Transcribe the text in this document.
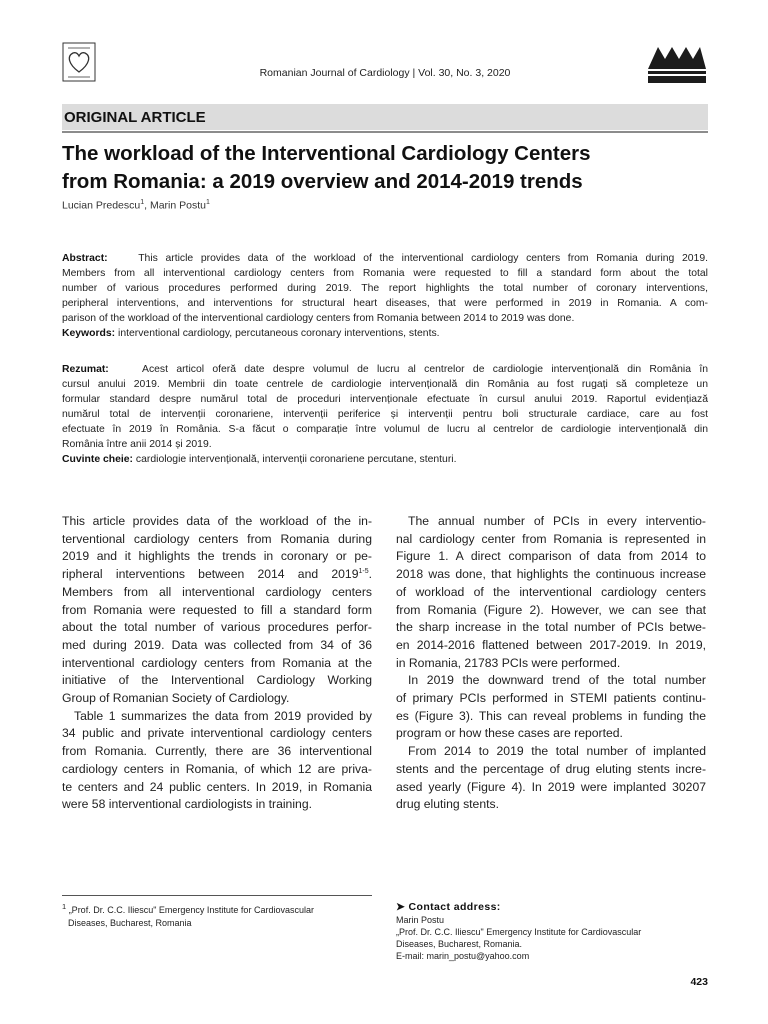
Romanian Journal of Cardiology | Vol. 30, No. 3, 2020
ORIGINAL ARTICLE
The workload of the Interventional Cardiology Centers
from Romania: a 2019 overview and 2014-2019 trends
Lucian Predescu$^1$, Marin Postu$^1$
Abstract:	This article provides data of the workload of the interventional cardiology centers from Romania during 2019.
Members from all interventional cardiology centers from Romania were requested to fill a standard form about the total
number of various procedures performed during 2019. The report highlights the total number of coronary interventions,
peripheral interventions, and interventions for structural heart diseases, that were performed in 2019 in Romania. A com-
parison of the workload of the interventional cardiology centers from Romania between 2014 to 2019 was done.
Keywords: interventional cardiology, percutaneous coronary interventions, stents.
Rezumat:	Acest articol oferă date despre volumul de lucru al centrelor de cardiologie intervențională din România în
cursul anului 2019. Membrii din toate centrele de cardiologie intervențională din România au fost rugați să completeze un
formular standard despre numărul total de proceduri intervenționale efectuate în cursul anului 2019. Raportul evidențiază
numărul total de intervenții coronariene, intervenții periferice și intervenții pentru boli structurale cardiace, care au fost
efectuate în 2019 în România. S-a făcut o comparație între volumul de lucru al centrelor de cardiologie intervențională din
România între anii 2014 și 2019.
Cuvinte cheie: cardiologie intervențională, intervenții coronariene percutane, stenturi.
This article provides data of the workload of the in-
terventional cardiology centers from Romania during
2019 and it highlights the trends in coronary or pe-
ripheral interventions between 2014 and 2019$^{1-5}$.
Members from all interventional cardiology centers
from Romania were requested to fill a standard form
about the total number of various procedures perfor-
med during 2019. Data was collected from 34 of 36
interventional cardiology centers from Romania at the
initiative of the Interventional Cardiology Working
Group of Romanian Society of Cardiology.
Table 1 summarizes the data from 2019 provided by
34 public and private interventional cardiology centers
from Romania. Currently, there are 36 interventional
cardiology centers in Romania, of which 12 are priva-
te centers and 24 public centers. In 2019, in Romania
were 58 interventional cardiologists in training.
The annual number of PCIs in every interventio-
nal cardiology center from Romania is represented in
Figure 1. A direct comparison of data from 2014 to
2018 was done, that highlights the continuous increase
of workload of the interventional cardiology centers
from Romania (Figure 2). However, we can see that
the sharp increase in the total number of PCIs betwe-
en 2014-2016 flattened between 2017-2019. In 2019,
in Romania, 21783 PCIs were performed.
In 2019 the downward trend of the total number
of primary PCIs performed in STEMI patients continu-
es (Figure 3). This can reveal problems in funding the
program or how these cases are reported.
From 2014 to 2019 the total number of implanted
stents and the percentage of drug eluting stents incre-
ased yearly (Figure 4). In 2019 were implanted 30207
drug eluting stents.
$^1$ „Prof. Dr. C.C. Iliescu" Emergency Institute for Cardiovascular
Diseases, Bucharest, Romania
➤ Contact address:
Marin Postu
„Prof. Dr. C.C. Iliescu" Emergency Institute for Cardiovascular
Diseases, Bucharest, Romania.
E-mail: marin_postu@yahoo.com
423
